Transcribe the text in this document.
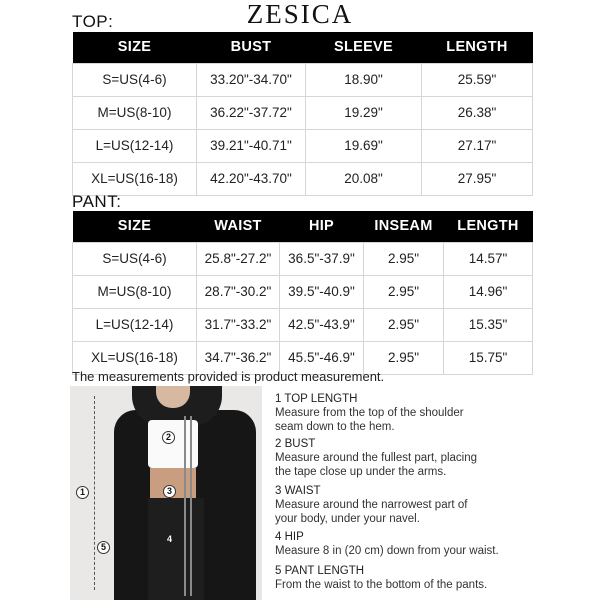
ZESICA
TOP:
SIZE	BUST	SLEEVE	LENGTH
S=US(4-6)	33.20"-34.70"	18.90"	25.59"
M=US(8-10)	36.22"-37.72"	19.29"	26.38"
L=US(12-14)	39.21"-40.71"	19.69"	27.17"
XL=US(16-18)	42.20"-43.70"	20.08"	27.95"
PANT:
SIZE	WAIST	HIP	INSEAM	LENGTH
S=US(4-6)	25.8"-27.2"	36.5"-37.9"	2.95"	14.57"
M=US(8-10)	28.7"-30.2"	39.5"-40.9"	2.95"	14.96"
L=US(12-14)	31.7"-33.2"	42.5"-43.9"	2.95"	15.35"
XL=US(16-18)	34.7"-36.2"	45.5"-46.9"	2.95"	15.75"
The measurements provided is product measurement.
1
2
3
4
5
1 TOP LENGTH
Measure from the top of the shoulder
seam down to the hem.
2 BUST
Measure around the fullest part, placing
the tape close up under the arms.
3 WAIST
Measure around the narrowest part of
your body, under your navel.
4 HIP
Measure 8 in (20 cm) down from your waist.
5 PANT LENGTH
From the waist to the bottom of the pants.
